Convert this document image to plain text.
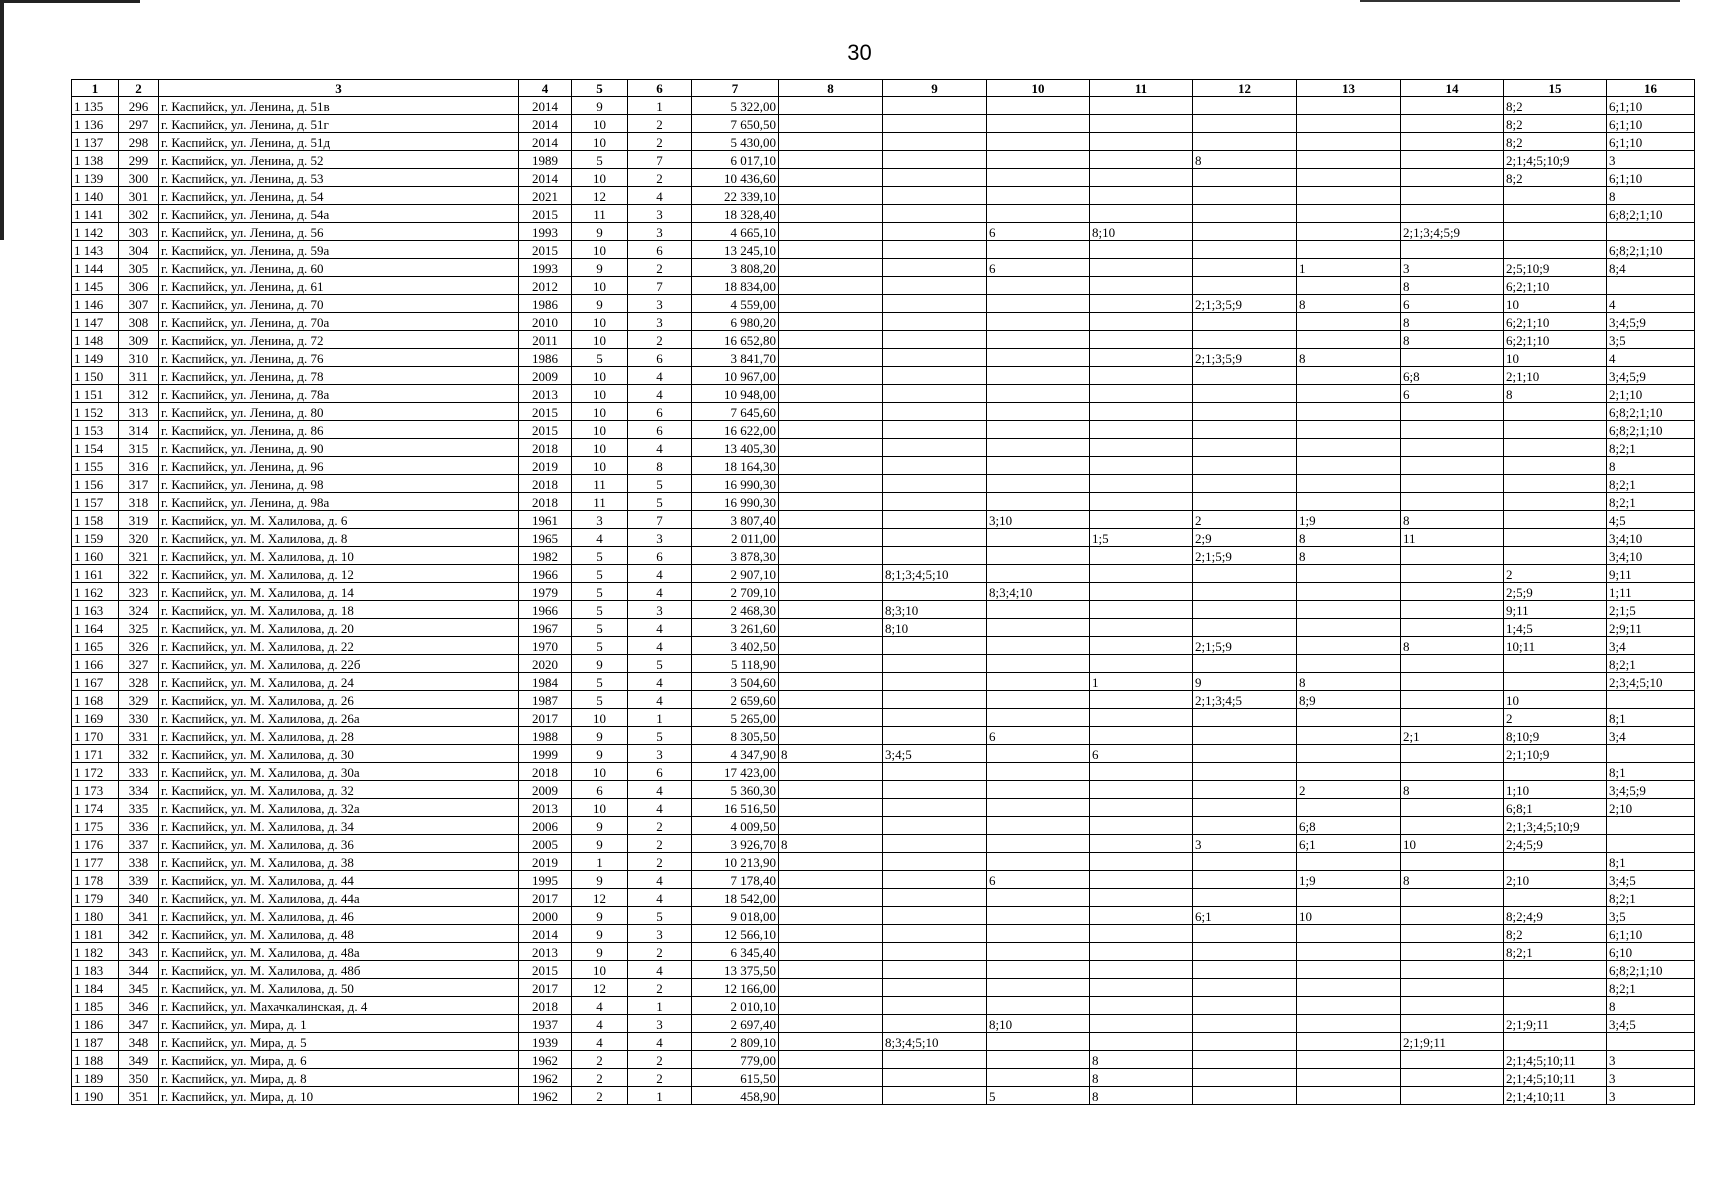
30
1	2	3	4	5	6	7	8	9	10	11	12	13	14	15	16
1 135	296	г. Каспийск, ул. Ленина, д. 51в	2014	9	1	5 322,00								8;2	6;1;10
1 136	297	г. Каспийск, ул. Ленина, д. 51г	2014	10	2	7 650,50								8;2	6;1;10
1 137	298	г. Каспийск, ул. Ленина, д. 51д	2014	10	2	5 430,00								8;2	6;1;10
1 138	299	г. Каспийск, ул. Ленина, д. 52	1989	5	7	6 017,10					8			2;1;4;5;10;9	3
1 139	300	г. Каспийск, ул. Ленина, д. 53	2014	10	2	10 436,60								8;2	6;1;10
1 140	301	г. Каспийск, ул. Ленина, д. 54	2021	12	4	22 339,10									8
1 141	302	г. Каспийск, ул. Ленина, д. 54а	2015	11	3	18 328,40									6;8;2;1;10
1 142	303	г. Каспийск, ул. Ленина, д. 56	1993	9	3	4 665,10			6	8;10			2;1;3;4;5;9		
1 143	304	г. Каспийск, ул. Ленина, д. 59а	2015	10	6	13 245,10									6;8;2;1;10
1 144	305	г. Каспийск, ул. Ленина, д. 60	1993	9	2	3 808,20			6			1	3	2;5;10;9	8;4
1 145	306	г. Каспийск, ул. Ленина, д. 61	2012	10	7	18 834,00							8	6;2;1;10	
1 146	307	г. Каспийск, ул. Ленина, д. 70	1986	9	3	4 559,00					2;1;3;5;9	8	6	10	4
1 147	308	г. Каспийск, ул. Ленина, д. 70а	2010	10	3	6 980,20							8	6;2;1;10	3;4;5;9
1 148	309	г. Каспийск, ул. Ленина, д. 72	2011	10	2	16 652,80							8	6;2;1;10	3;5
1 149	310	г. Каспийск, ул. Ленина, д. 76	1986	5	6	3 841,70					2;1;3;5;9	8		10	4
1 150	311	г. Каспийск, ул. Ленина, д. 78	2009	10	4	10 967,00							6;8	2;1;10	3;4;5;9
1 151	312	г. Каспийск, ул. Ленина, д. 78а	2013	10	4	10 948,00							6	8	2;1;10
1 152	313	г. Каспийск, ул. Ленина, д. 80	2015	10	6	7 645,60									6;8;2;1;10
1 153	314	г. Каспийск, ул. Ленина, д. 86	2015	10	6	16 622,00									6;8;2;1;10
1 154	315	г. Каспийск, ул. Ленина, д. 90	2018	10	4	13 405,30									8;2;1
1 155	316	г. Каспийск, ул. Ленина, д. 96	2019	10	8	18 164,30									8
1 156	317	г. Каспийск, ул. Ленина, д. 98	2018	11	5	16 990,30									8;2;1
1 157	318	г. Каспийск, ул. Ленина, д. 98а	2018	11	5	16 990,30									8;2;1
1 158	319	г. Каспийск, ул. М. Халилова, д. 6	1961	3	7	3 807,40			3;10		2	1;9	8		4;5
1 159	320	г. Каспийск, ул. М. Халилова, д. 8	1965	4	3	2 011,00				1;5	2;9	8	11		3;4;10
1 160	321	г. Каспийск, ул. М. Халилова, д. 10	1982	5	6	3 878,30					2;1;5;9	8			3;4;10
1 161	322	г. Каспийск, ул. М. Халилова, д. 12	1966	5	4	2 907,10		8;1;3;4;5;10						2	9;11
1 162	323	г. Каспийск, ул. М. Халилова, д. 14	1979	5	4	2 709,10			8;3;4;10					2;5;9	1;11
1 163	324	г. Каспийск, ул. М. Халилова, д. 18	1966	5	3	2 468,30		8;3;10						9;11	2;1;5
1 164	325	г. Каспийск, ул. М. Халилова, д. 20	1967	5	4	3 261,60		8;10						1;4;5	2;9;11
1 165	326	г. Каспийск, ул. М. Халилова, д. 22	1970	5	4	3 402,50					2;1;5;9		8	10;11	3;4
1 166	327	г. Каспийск, ул. М. Халилова, д. 22б	2020	9	5	5 118,90									8;2;1
1 167	328	г. Каспийск, ул. М. Халилова, д. 24	1984	5	4	3 504,60				1	9	8			2;3;4;5;10
1 168	329	г. Каспийск, ул. М. Халилова, д. 26	1987	5	4	2 659,60					2;1;3;4;5	8;9		10	
1 169	330	г. Каспийск, ул. М. Халилова, д. 26а	2017	10	1	5 265,00								2	8;1
1 170	331	г. Каспийск, ул. М. Халилова, д. 28	1988	9	5	8 305,50			6				2;1	8;10;9	3;4
1 171	332	г. Каспийск, ул. М. Халилова, д. 30	1999	9	3	4 347,90	8	3;4;5		6				2;1;10;9	
1 172	333	г. Каспийск, ул. М. Халилова, д. 30а	2018	10	6	17 423,00									8;1
1 173	334	г. Каспийск, ул. М. Халилова, д. 32	2009	6	4	5 360,30						2	8	1;10	3;4;5;9
1 174	335	г. Каспийск, ул. М. Халилова, д. 32а	2013	10	4	16 516,50								6;8;1	2;10
1 175	336	г. Каспийск, ул. М. Халилова, д. 34	2006	9	2	4 009,50						6;8		2;1;3;4;5;10;9	
1 176	337	г. Каспийск, ул. М. Халилова, д. 36	2005	9	2	3 926,70	8				3	6;1	10	2;4;5;9	
1 177	338	г. Каспийск, ул. М. Халилова, д. 38	2019	1	2	10 213,90									8;1
1 178	339	г. Каспийск, ул. М. Халилова, д. 44	1995	9	4	7 178,40			6			1;9	8	2;10	3;4;5
1 179	340	г. Каспийск, ул. М. Халилова, д. 44а	2017	12	4	18 542,00									8;2;1
1 180	341	г. Каспийск, ул. М. Халилова, д. 46	2000	9	5	9 018,00					6;1	10		8;2;4;9	3;5
1 181	342	г. Каспийск, ул. М. Халилова, д. 48	2014	9	3	12 566,10								8;2	6;1;10
1 182	343	г. Каспийск, ул. М. Халилова, д. 48а	2013	9	2	6 345,40								8;2;1	6;10
1 183	344	г. Каспийск, ул. М. Халилова, д. 48б	2015	10	4	13 375,50									6;8;2;1;10
1 184	345	г. Каспийск, ул. М. Халилова, д. 50	2017	12	2	12 166,00									8;2;1
1 185	346	г. Каспийск, ул. Махачкалинская, д. 4	2018	4	1	2 010,10									8
1 186	347	г. Каспийск, ул. Мира, д. 1	1937	4	3	2 697,40			8;10					2;1;9;11	3;4;5
1 187	348	г. Каспийск, ул. Мира, д. 5	1939	4	4	2 809,10		8;3;4;5;10					2;1;9;11		
1 188	349	г. Каспийск, ул. Мира, д. 6	1962	2	2	779,00				8				2;1;4;5;10;11	3
1 189	350	г. Каспийск, ул. Мира, д. 8	1962	2	2	615,50				8				2;1;4;5;10;11	3
1 190	351	г. Каспийск, ул. Мира, д. 10	1962	2	1	458,90			5	8				2;1;4;10;11	3
